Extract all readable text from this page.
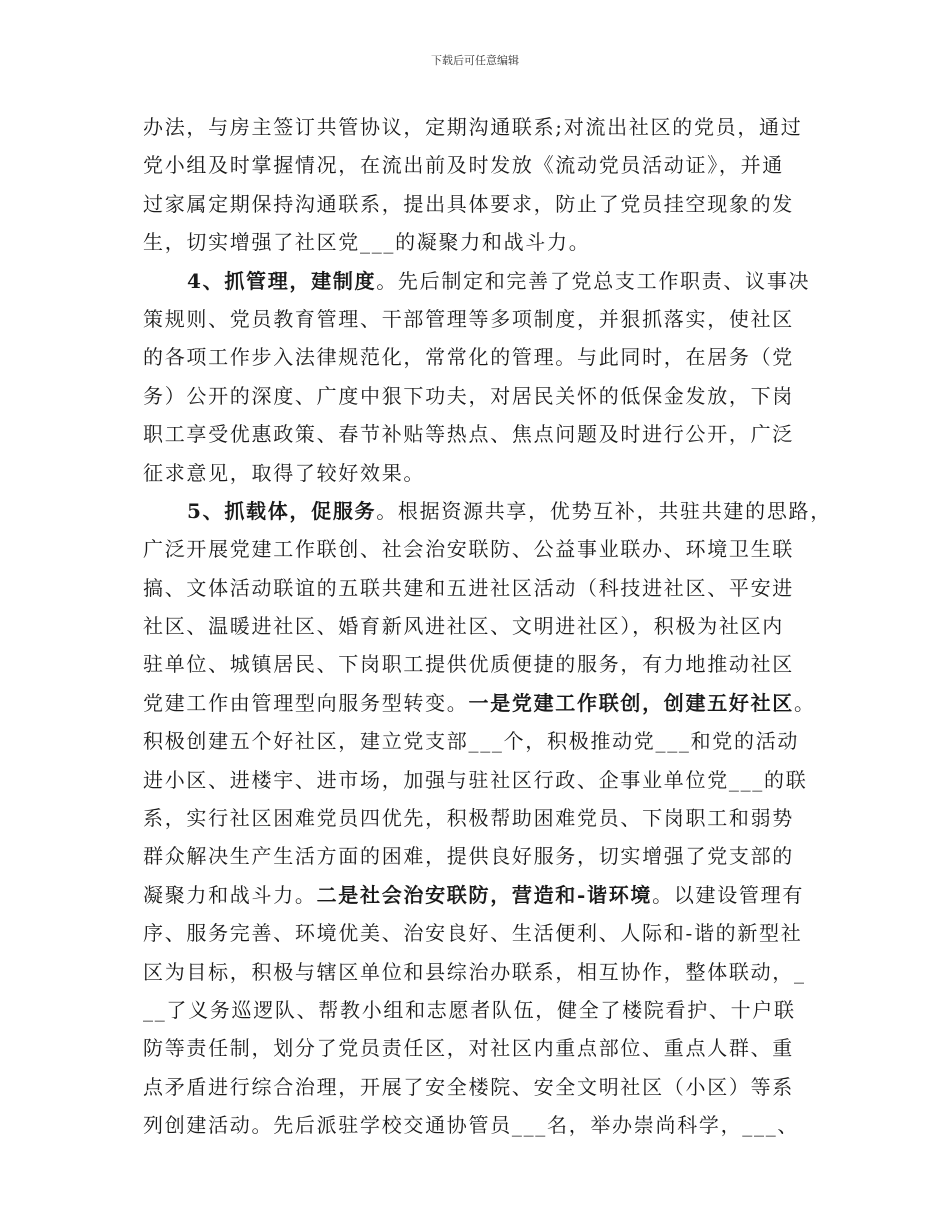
下载后可任意编辑
办法，与房主签订共管协议，定期沟通联系;对流出社区的党员，通过
党小组及时掌握情况，在流出前及时发放《流动党员活动证》，并通
过家属定期保持沟通联系，提出具体要求，防止了党员挂空现象的发
生，切实增强了社区党___的凝聚力和战斗力。
4、抓管理，建制度。先后制定和完善了党总支工作职责、议事决
策规则、党员教育管理、干部管理等多项制度，并狠抓落实，使社区
的各项工作步入法律规范化，常常化的管理。与此同时，在居务（党
务）公开的深度、广度中狠下功夫，对居民关怀的低保金发放，下岗
职工享受优惠政策、春节补贴等热点、焦点问题及时进行公开，广泛
征求意见，取得了较好效果。
5、抓载体，促服务。根据资源共享，优势互补，共驻共建的思路，
广泛开展党建工作联创、社会治安联防、公益事业联办、环境卫生联
搞、文体活动联谊的五联共建和五进社区活动（科技进社区、平安进
社区、温暖进社区、婚育新风进社区、文明进社区），积极为社区内
驻单位、城镇居民、下岗职工提供优质便捷的服务，有力地推动社区
党建工作由管理型向服务型转变。一是党建工作联创，创建五好社区。
积极创建五个好社区，建立党支部___个，积极推动党___和党的活动
进小区、进楼宇、进市场，加强与驻社区行政、企事业单位党___的联
系，实行社区困难党员四优先，积极帮助困难党员、下岗职工和弱势
群众解决生产生活方面的困难，提供良好服务，切实增强了党支部的
凝聚力和战斗力。二是社会治安联防，营造和-谐环境。以建设管理有
序、服务完善、环境优美、治安良好、生活便利、人际和-谐的新型社
区为目标，积极与辖区单位和县综治办联系，相互协作，整体联动，_
__了义务巡逻队、帮教小组和志愿者队伍，健全了楼院看护、十户联
防等责任制，划分了党员责任区，对社区内重点部位、重点人群、重
点矛盾进行综合治理，开展了安全楼院、安全文明社区（小区）等系
列创建活动。先后派驻学校交通协管员___名，举办崇尚科学，___、
